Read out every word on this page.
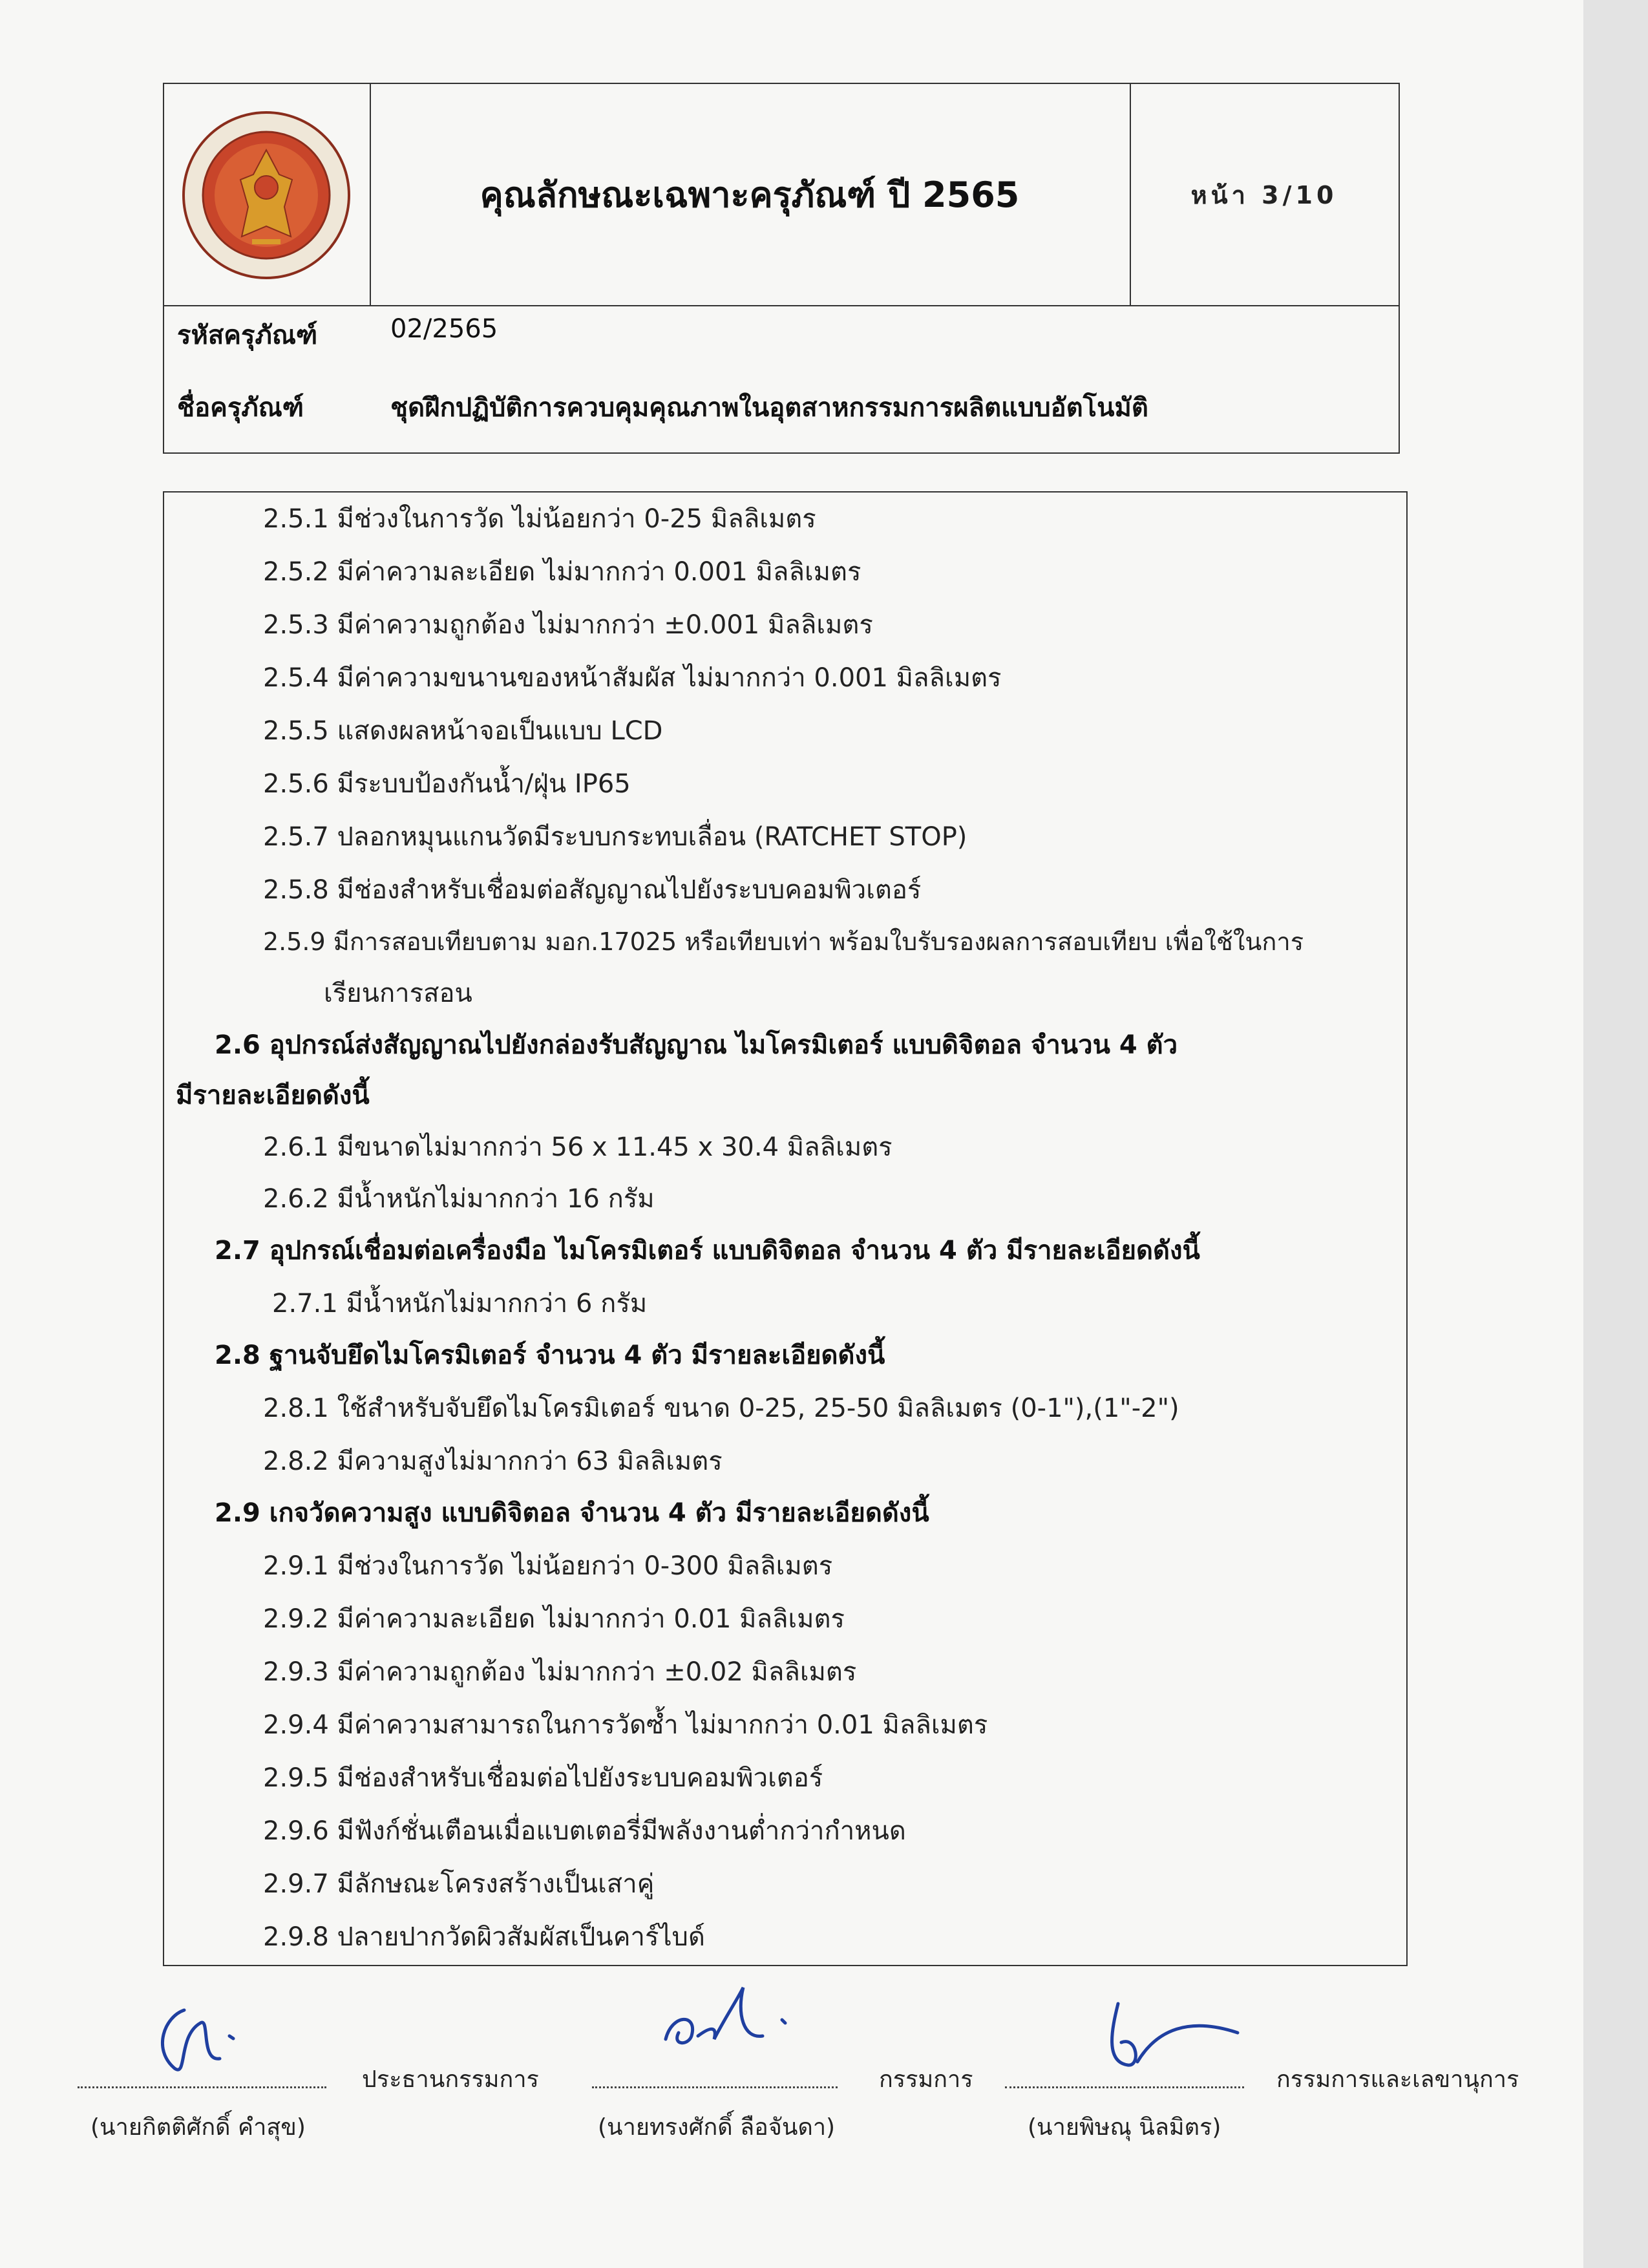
คุณลักษณะเฉพาะครุภัณฑ์ ปี 2565	หน้า 3/10
รหัสครุภัณฑ์	02/2565
ชื่อครุภัณฑ์	ชุดฝึกปฏิบัติการควบคุมคุณภาพในอุตสาหกรรมการผลิตแบบอัตโนมัติ
2.5.1 มีช่วงในการวัด ไม่น้อยกว่า 0-25 มิลลิเมตร
2.5.2 มีค่าความละเอียด ไม่มากกว่า 0.001 มิลลิเมตร
2.5.3 มีค่าความถูกต้อง ไม่มากกว่า ±0.001 มิลลิเมตร
2.5.4 มีค่าความขนานของหน้าสัมผัส ไม่มากกว่า 0.001 มิลลิเมตร
2.5.5 แสดงผลหน้าจอเป็นแบบ LCD
2.5.6 มีระบบป้องกันน้ำ/ฝุ่น IP65
2.5.7 ปลอกหมุนแกนวัดมีระบบกระทบเลื่อน (RATCHET STOP)
2.5.8 มีช่องสำหรับเชื่อมต่อสัญญาณไปยังระบบคอมพิวเตอร์
2.5.9 มีการสอบเทียบตาม มอก.17025 หรือเทียบเท่า พร้อมใบรับรองผลการสอบเทียบ เพื่อใช้ในการ
เรียนการสอน
2.6 อุปกรณ์ส่งสัญญาณไปยังกล่องรับสัญญาณ ไมโครมิเตอร์ แบบดิจิตอล จำนวน 4 ตัว
มีรายละเอียดดังนี้
2.6.1 มีขนาดไม่มากกว่า 56 x 11.45 x 30.4 มิลลิเมตร
2.6.2 มีน้ำหนักไม่มากกว่า 16 กรัม
2.7 อุปกรณ์เชื่อมต่อเครื่องมือ ไมโครมิเตอร์ แบบดิจิตอล จำนวน 4 ตัว มีรายละเอียดดังนี้
2.7.1 มีน้ำหนักไม่มากกว่า 6 กรัม
2.8 ฐานจับยึดไมโครมิเตอร์ จำนวน 4 ตัว มีรายละเอียดดังนี้
2.8.1 ใช้สำหรับจับยึดไมโครมิเตอร์ ขนาด 0-25, 25-50 มิลลิเมตร (0-1"),(1"-2")
2.8.2 มีความสูงไม่มากกว่า 63 มิลลิเมตร
2.9 เกจวัดความสูง แบบดิจิตอล จำนวน 4 ตัว มีรายละเอียดดังนี้
2.9.1 มีช่วงในการวัด ไม่น้อยกว่า 0-300 มิลลิเมตร
2.9.2 มีค่าความละเอียด ไม่มากกว่า 0.01 มิลลิเมตร
2.9.3 มีค่าความถูกต้อง ไม่มากกว่า ±0.02 มิลลิเมตร
2.9.4 มีค่าความสามารถในการวัดซ้ำ ไม่มากกว่า 0.01 มิลลิเมตร
2.9.5 มีช่องสำหรับเชื่อมต่อไปยังระบบคอมพิวเตอร์
2.9.6 มีฟังก์ชั่นเตือนเมื่อแบตเตอรี่มีพลังงานต่ำกว่ากำหนด
2.9.7 มีลักษณะโครงสร้างเป็นเสาคู่
2.9.8 ปลายปากวัดผิวสัมผัสเป็นคาร์ไบด์
ประธานกรรมการ	กรรมการ	กรรมการและเลขานุการ
(นายกิตติศักดิ์ คำสุข)	(นายทรงศักดิ์ ลือจันดา)	(นายพิษณุ นิลมิตร)
